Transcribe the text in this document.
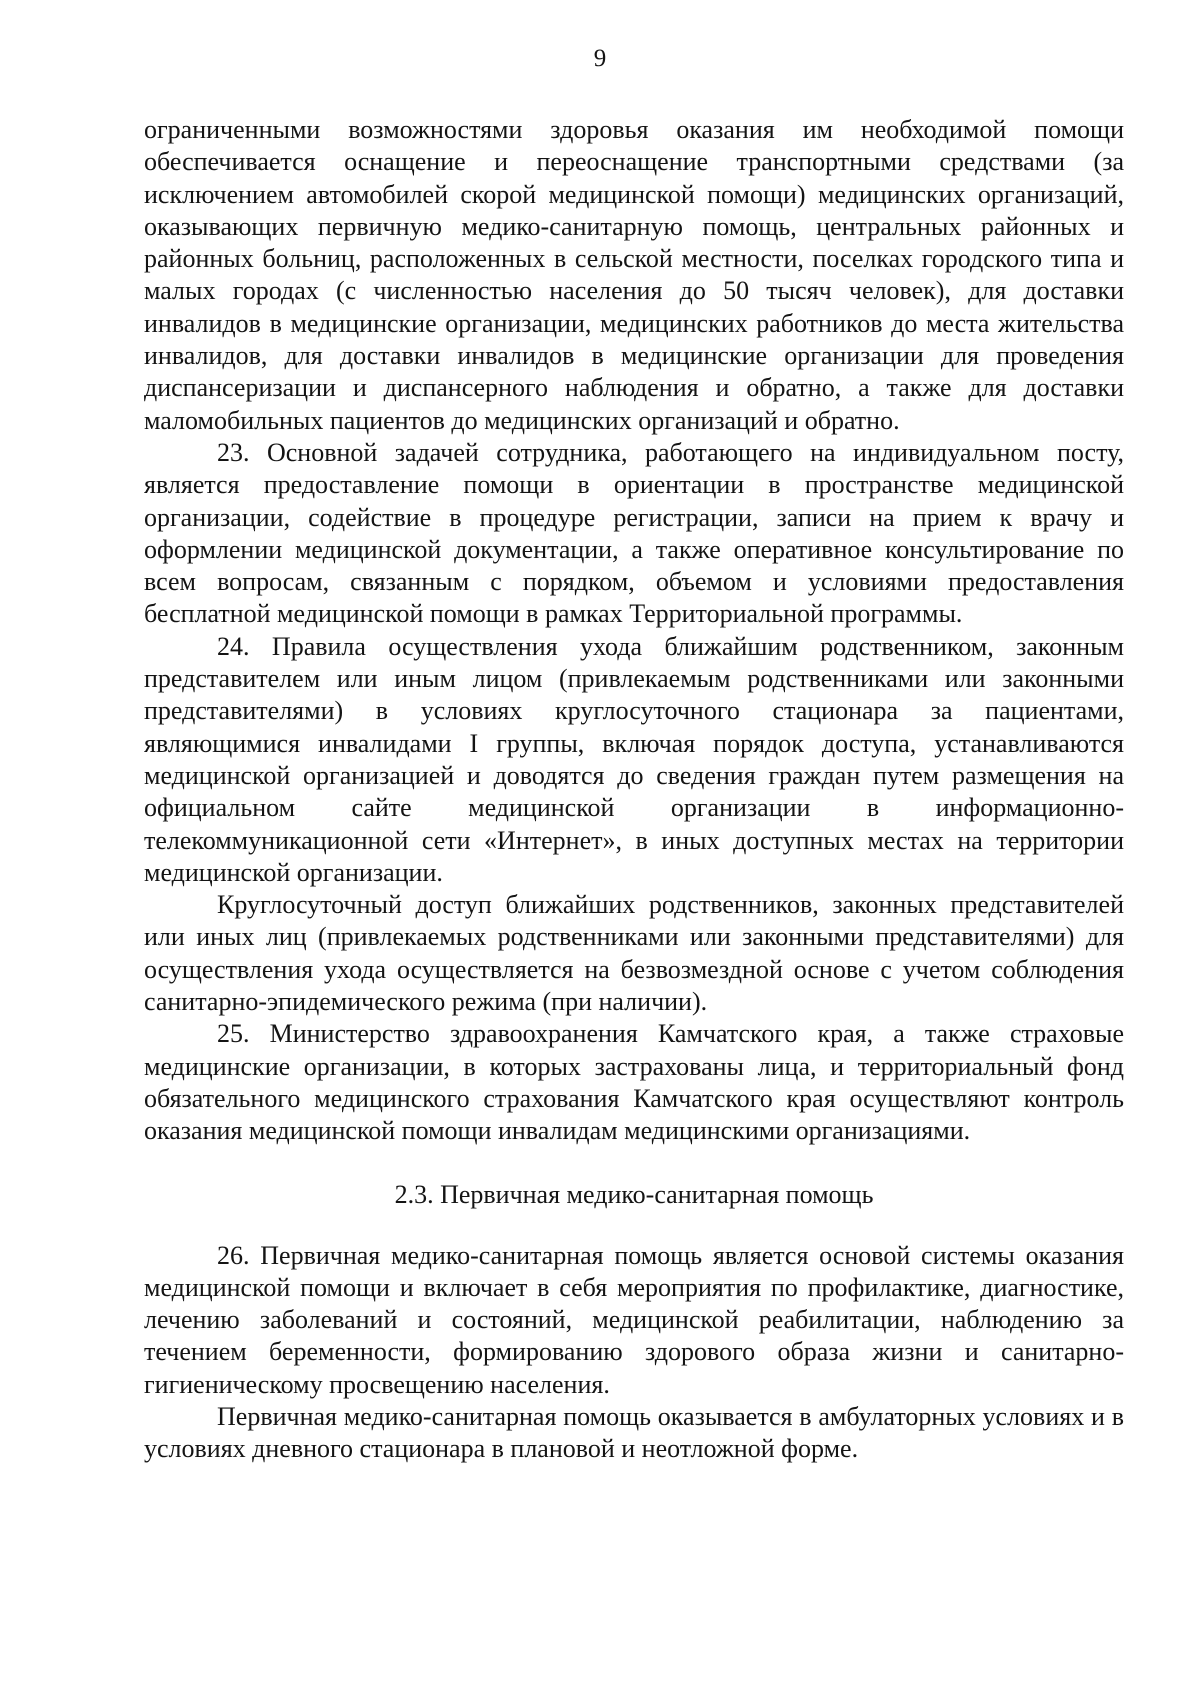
9

ограниченными возможностями здоровья оказания им необходимой помощи обеспечивается оснащение и переоснащение транспортными средствами (за исключением автомобилей скорой медицинской помощи) медицинских организаций, оказывающих первичную медико-санитарную помощь, центральных районных и районных больниц, расположенных в сельской местности, поселках городского типа и малых городах (с численностью населения до 50 тысяч человек), для доставки инвалидов в медицинские организации, медицинских работников до места жительства инвалидов, для доставки инвалидов в медицинские организации для проведения диспансеризации и диспансерного наблюдения и обратно, а также для доставки маломобильных пациентов до медицинских организаций и обратно.

23. Основной задачей сотрудника, работающего на индивидуальном посту, является предоставление помощи в ориентации в пространстве медицинской организации, содействие в процедуре регистрации, записи на прием к врачу и оформлении медицинской документации, а также оперативное консультирование по всем вопросам, связанным с порядком, объемом и условиями предоставления бесплатной медицинской помощи в рамках Территориальной программы.

24. Правила осуществления ухода ближайшим родственником, законным представителем или иным лицом (привлекаемым родственниками или законными представителями) в условиях круглосуточного стационара за пациентами, являющимися инвалидами I группы, включая порядок доступа, устанавливаются медицинской организацией и доводятся до сведения граждан путем размещения на официальном сайте медицинской организации в информационно-телекоммуникационной сети «Интернет», в иных доступных местах на территории медицинской организации.

Круглосуточный доступ ближайших родственников, законных представителей или иных лиц (привлекаемых родственниками или законными представителями) для осуществления ухода осуществляется на безвозмездной основе с учетом соблюдения санитарно-эпидемического режима (при наличии).

25. Министерство здравоохранения Камчатского края, а также страховые медицинские организации, в которых застрахованы лица, и территориальный фонд обязательного медицинского страхования Камчатского края осуществляют контроль оказания медицинской помощи инвалидам медицинскими организациями.

2.3. Первичная медико-санитарная помощь

26. Первичная медико-санитарная помощь является основой системы оказания медицинской помощи и включает в себя мероприятия по профилактике, диагностике, лечению заболеваний и состояний, медицинской реабилитации, наблюдению за течением беременности, формированию здорового образа жизни и санитарно-гигиеническому просвещению населения.

Первичная медико-санитарная помощь оказывается в амбулаторных условиях и в условиях дневного стационара в плановой и неотложной форме.
